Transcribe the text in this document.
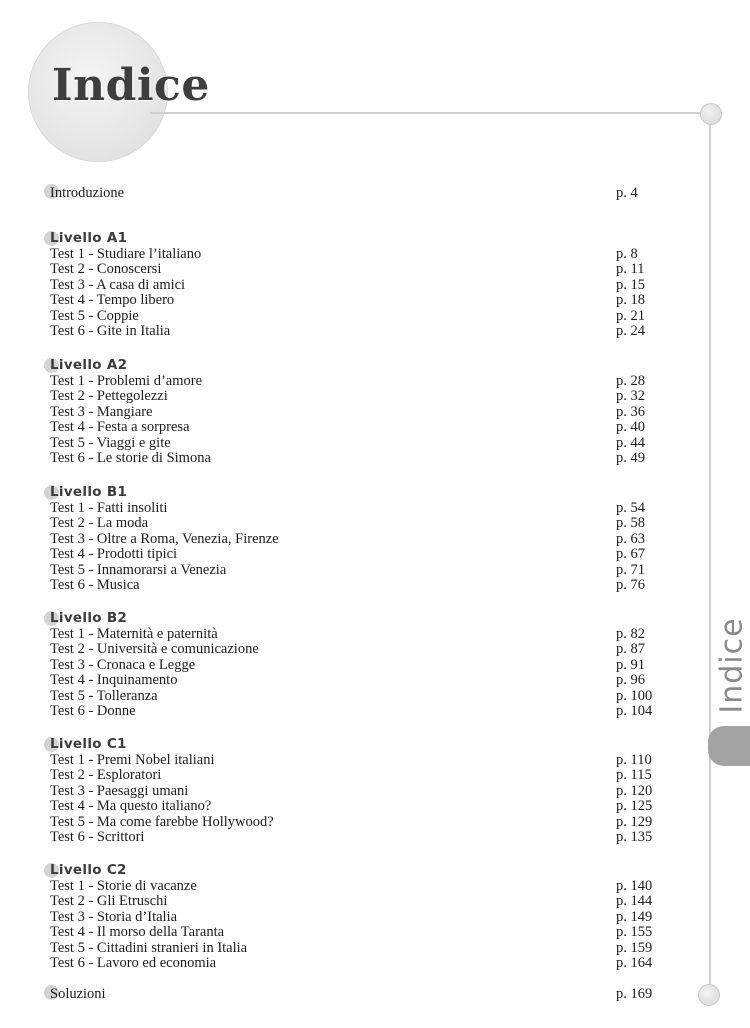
Indice
Indice
Introduzione	p. 4
Livello A1
Test 1 - Studiare l’italiano	p. 8
Test 2 - Conoscersi	p. 11
Test 3 - A casa di amici	p. 15
Test 4 - Tempo libero	p. 18
Test 5 - Coppie	p. 21
Test 6 - Gite in Italia	p. 24
Livello A2
Test 1 - Problemi d’amore	p. 28
Test 2 - Pettegolezzi	p. 32
Test 3 - Mangiare	p. 36
Test 4 - Festa a sorpresa	p. 40
Test 5 - Viaggi e gite	p. 44
Test 6 - Le storie di Simona	p. 49
Livello B1
Test 1 - Fatti insoliti	p. 54
Test 2 - La moda	p. 58
Test 3 - Oltre a Roma, Venezia, Firenze	p. 63
Test 4 - Prodotti tipici	p. 67
Test 5 - Innamorarsi a Venezia	p. 71
Test 6 - Musica	p. 76
Livello B2
Test 1 - Maternità e paternità	p. 82
Test 2 - Università e comunicazione	p. 87
Test 3 - Cronaca e Legge	p. 91
Test 4 - Inquinamento	p. 96
Test 5 - Tolleranza	p. 100
Test 6 - Donne	p. 104
Livello C1
Test 1 - Premi Nobel italiani	p. 110
Test 2 - Esploratori	p. 115
Test 3 - Paesaggi umani	p. 120
Test 4 - Ma questo italiano?	p. 125
Test 5 - Ma come farebbe Hollywood?	p. 129
Test 6 - Scrittori	p. 135
Livello C2
Test 1 - Storie di vacanze	p. 140
Test 2 - Gli Etruschi	p. 144
Test 3 - Storia d’Italia	p. 149
Test 4 - Il morso della Taranta	p. 155
Test 5 - Cittadini stranieri in Italia	p. 159
Test 6 - Lavoro ed economia	p. 164
Soluzioni	p. 169
